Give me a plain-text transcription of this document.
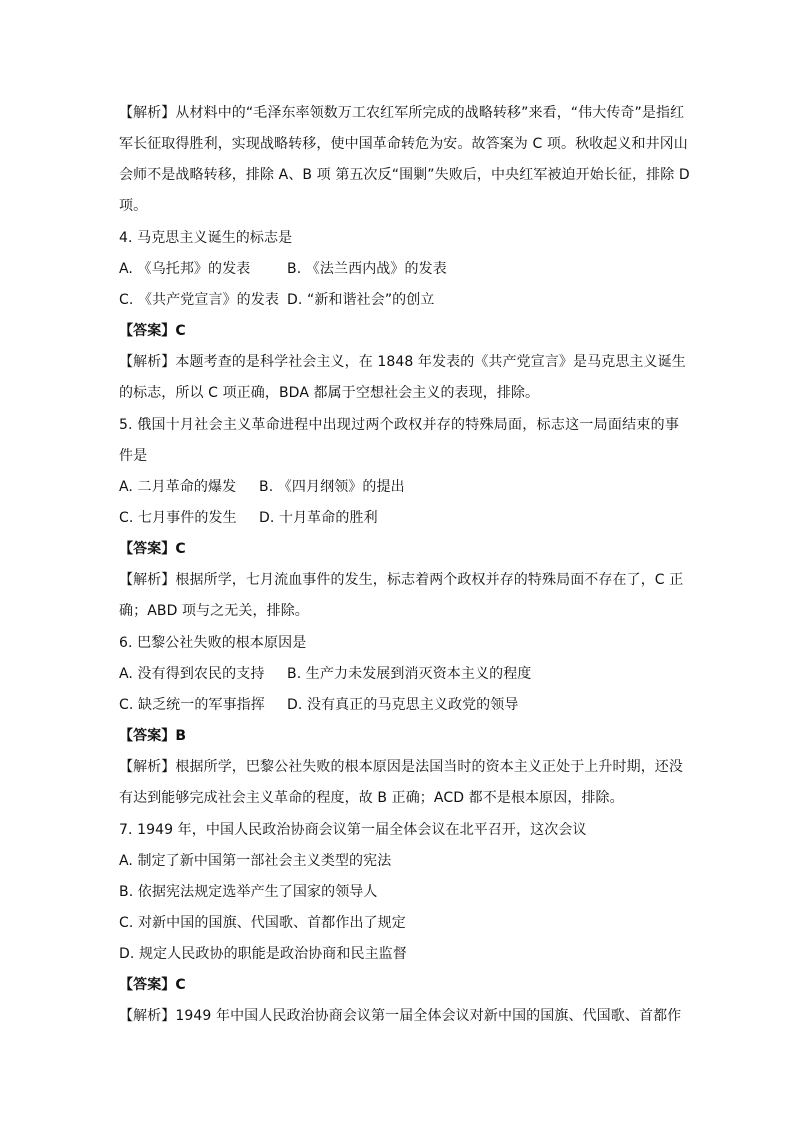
【解析】从材料中的“毛泽东率领数万工农红军所完成的战略转移”来看，“伟大传奇”是指红
军长征取得胜利，实现战略转移，使中国革命转危为安。故答案为 C 项。秋收起义和井冈山
会师不是战略转移，排除 A、B 项 第五次反“围剿”失败后，中央红军被迫开始长征，排除 D
项。
4. 马克思主义诞生的标志是
A. 《乌托邦》的发表	B. 《法兰西内战》的发表
C. 《共产党宣言》的发表 D. “新和谐社会”的创立
【答案】C
【解析】本题考查的是科学社会主义，在 1848 年发表的《共产党宣言》是马克思主义诞生
的标志，所以 C 项正确，BDA 都属于空想社会主义的表现，排除。
5. 俄国十月社会主义革命进程中出现过两个政权并存的特殊局面，标志这一局面结束的事
件是
A. 二月革命的爆发 B. 《四月纲领》的提出
C. 七月事件的发生 D. 十月革命的胜利
【答案】C
【解析】根据所学，七月流血事件的发生，标志着两个政权并存的特殊局面不存在了，C 正
确；ABD 项与之无关，排除。
6. 巴黎公社失败的根本原因是
A. 没有得到农民的支持 B. 生产力未发展到消灭资本主义的程度
C. 缺乏统一的军事指挥 D. 没有真正的马克思主义政党的领导
【答案】B
【解析】根据所学，巴黎公社失败的根本原因是法国当时的资本主义正处于上升时期，还没
有达到能够完成社会主义革命的程度，故 B 正确；ACD 都不是根本原因，排除。
7. 1949 年，中国人民政治协商会议第一届全体会议在北平召开，这次会议
A. 制定了新中国第一部社会主义类型的宪法
B. 依据宪法规定选举产生了国家的领导人
C. 对新中国的国旗、代国歌、首都作出了规定
D. 规定人民政协的职能是政治协商和民主监督
【答案】C
【解析】1949 年中国人民政治协商会议第一届全体会议对新中国的国旗、代国歌、首都作
